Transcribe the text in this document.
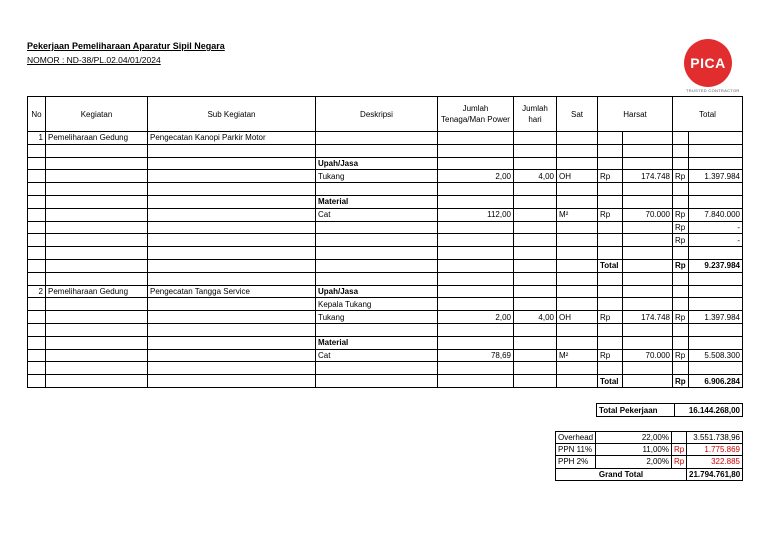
Pekerjaan Pemeliharaan Aparatur Sipil Negara
NOMOR : ND-38/PL.02.04/01/2024	PICA
TRUSTED CONTRACTOR
No	Kegiatan	Sub Kegiatan	Deskripsi	Jumlah Tenaga/Man Power	Jumlah hari	Sat	Harsat		Total	
1	Pemeliharaan Gedung	Pengecatan Kanopi Parkir Motor								

			Upah/Jasa							
			Tukang	2,00	4,00	OH	Rp	174.748	Rp	1.397.984

			Material							
			Cat	112,00		M²	Rp	70.000	Rp	7.840.000
									Rp	-
									Rp	-

							Total		Rp	9.237.984

2	Pemeliharaan Gedung	Pengecatan Tangga Service	Upah/Jasa							
			Kepala Tukang							
			Tukang	2,00	4,00	OH	Rp	174.748	Rp	1.397.984

			Material							
			Cat	78,69		M²	Rp	70.000	Rp	5.508.300

							Total		Rp	6.906.284
Total Pekerjaan	16.144.268,00
Overhead	22,00%		3.551.738,96
PPN 11%	11,00%	Rp	1.775.869
PPH 2%	2,00%	Rp	322.885
Grand Total			21.794.761,80
